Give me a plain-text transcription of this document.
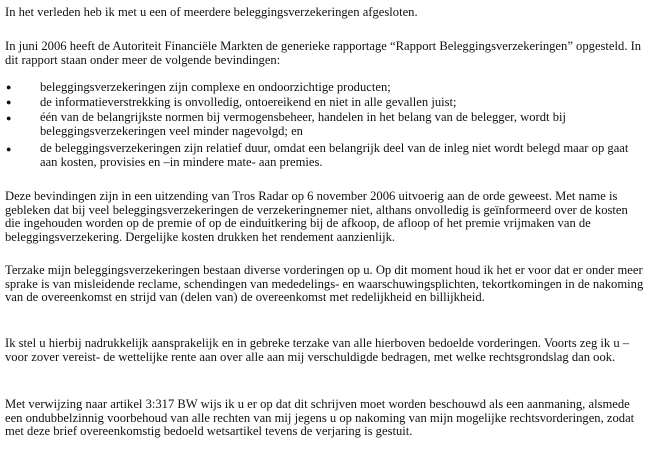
In het verleden heb ik met u een of meerdere beleggingsverzekeringen afgesloten.

In juni 2006 heeft de Autoriteit Financiële Markten de generieke rapportage “Rapport Beleggingsverzekeringen” opgesteld. In dit rapport staan onder meer de volgende bevindingen:

● beleggingsverzekeringen zijn complexe en ondoorzichtige producten;

● de informatieverstrekking is onvolledig, ontoereikend en niet in alle gevallen juist;

● één van de belangrijkste normen bij vermogensbeheer, handelen in het belang van de belegger, wordt bij beleggingsverzekeringen veel minder nagevolgd; en

● de beleggingsverzekeringen zijn relatief duur, omdat een belangrijk deel van de inleg niet wordt belegd maar op gaat aan kosten, provisies en –in mindere mate- aan premies.

Deze bevindingen zijn in een uitzending van Tros Radar op 6 november 2006 uitvoerig aan de orde geweest. Met name is gebleken dat bij veel beleggingsverzekeringen de verzekeringnemer niet, althans onvolledig is geïnformeerd over de kosten die ingehouden worden op de premie of op de einduitkering bij de afkoop, de afloop of het premie vrijmaken van de beleggingsverzekering. Dergelijke kosten drukken het rendement aanzienlijk.

Terzake mijn beleggingsverzekeringen bestaan diverse vorderingen op u. Op dit moment houd ik het er voor dat er onder meer sprake is van misleidende reclame, schendingen van mededelings- en waarschuwingsplichten, tekortkomingen in de nakoming van de overeenkomst en strijd van (delen van) de overeenkomst met redelijkheid en billijkheid.

Ik stel u hierbij nadrukkelijk aansprakelijk en in gebreke terzake van alle hierboven bedoelde vorderingen. Voorts zeg ik u –voor zover vereist- de wettelijke rente aan over alle aan mij verschuldigde bedragen, met welke rechtsgrondslag dan ook.

Met verwijzing naar artikel 3:317 BW wijs ik u er op dat dit schrijven moet worden beschouwd als een aanmaning, alsmede een ondubbelzinnig voorbehoud van alle rechten van mij jegens u op nakoming van mijn mogelijke rechtsvorderingen, zodat met deze brief overeenkomstig bedoeld wetsartikel tevens de verjaring is gestuit.
